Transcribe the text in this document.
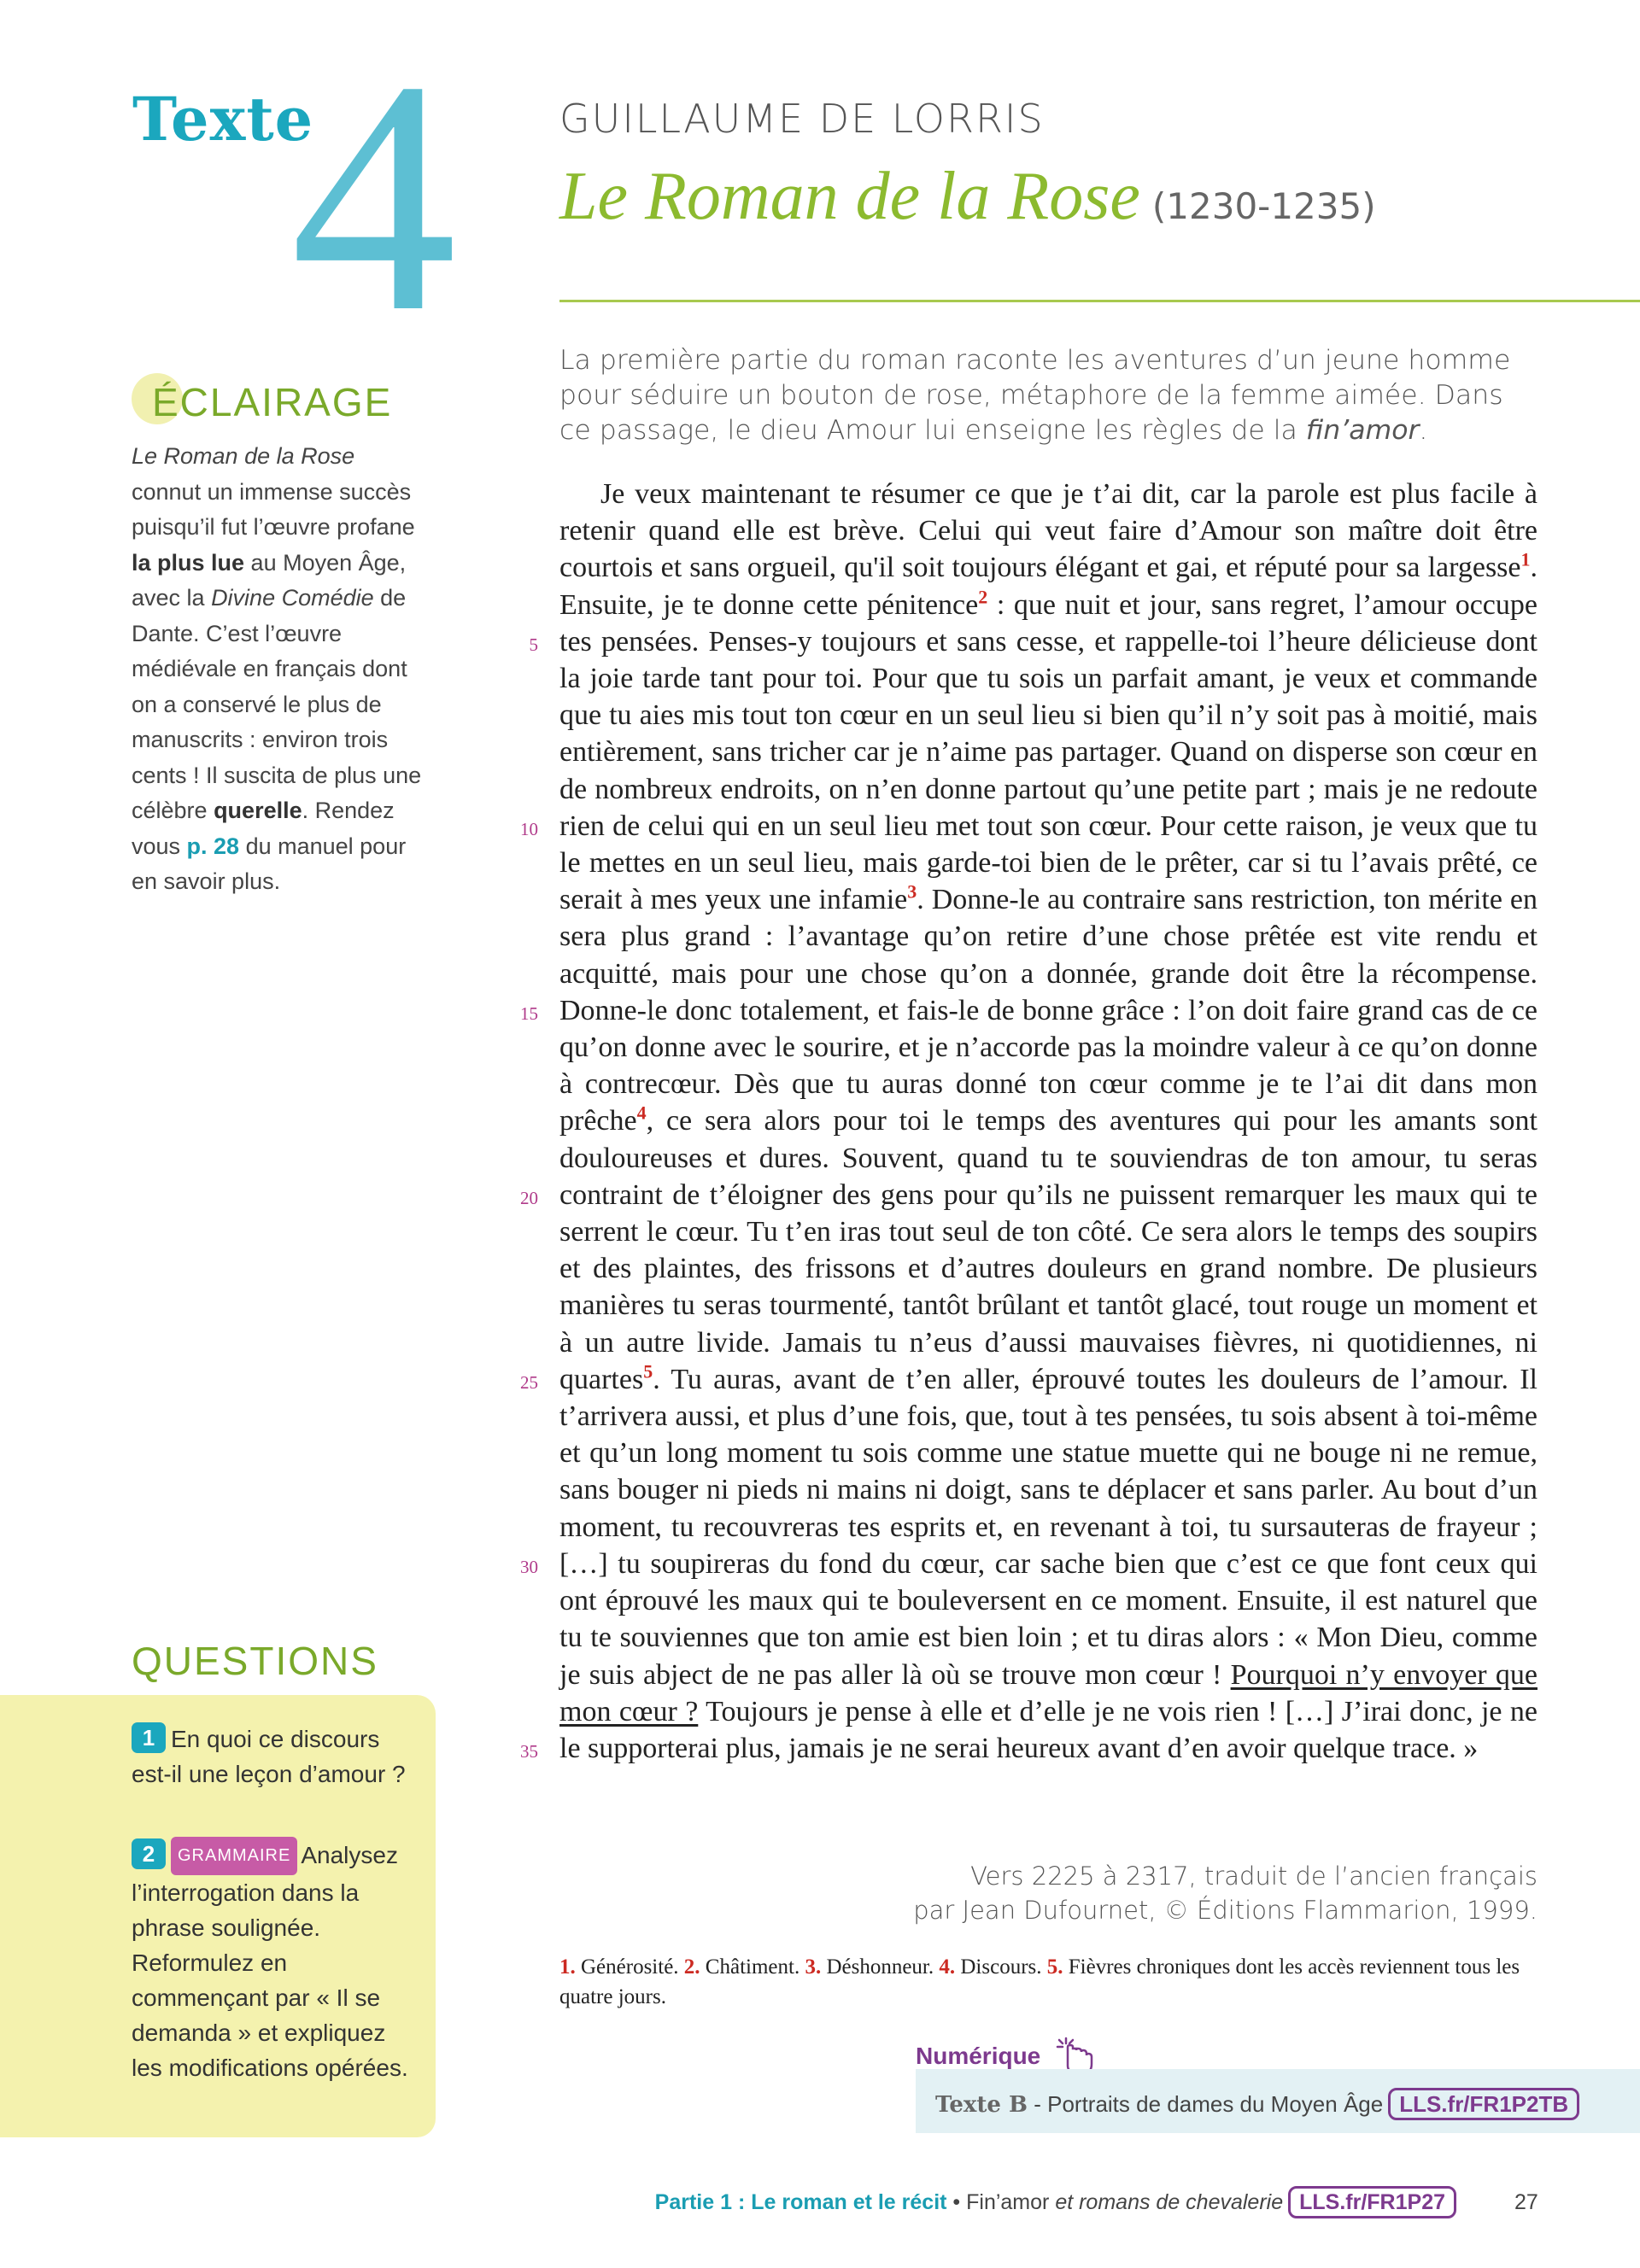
Texte
4	GUILLAUME DE LORRIS
Le Roman de la Rose (1230-1235)
ÉCLAIRAGE
Le Roman de la Rose connut un immense succès puisqu’il fut l’œuvre profane la plus lue au Moyen Âge, avec la Divine Comédie de Dante. C’est l’œuvre médiévale en français dont on a conservé le plus de manuscrits : environ trois cents ! Il suscita de plus une célèbre querelle. Rendez vous p. 28 du manuel pour en savoir plus.
QUESTIONS
1 En quoi ce discours est-il une leçon d’amour ?
2 GRAMMAIRE Analysez l’interrogation dans la phrase soulignée. Reformulez en commençant par « Il se demanda » et expliquez les modifications opérées.
La première partie du roman raconte les aventures d’un jeune homme pour séduire un bouton de rose, métaphore de la femme aimée. Dans ce passage, le dieu Amour lui enseigne les règles de la fin’amor.
Je veux maintenant te résumer ce que je t’ai dit, car la parole est plus facile à retenir quand elle est brève. Celui qui veut faire d’Amour son maître doit être courtois et sans orgueil, qu'il soit toujours élégant et gai, et réputé pour sa largesse$^1$. Ensuite, je te donne cette pénitence$^2$ : que nuit et jour, sans regret, l’amour occupe tes pensées. Penses-y toujours et sans cesse, et rappelle-toi l’heure délicieuse dont la joie tarde tant pour toi. Pour que tu sois un parfait amant, je veux et commande que tu aies mis tout ton cœur en un seul lieu si bien qu’il n’y soit pas à moitié, mais entièrement, sans tricher car je n’aime pas partager. Quand on disperse son cœur en de nombreux endroits, on n’en donne partout qu’une petite part ; mais je ne redoute rien de celui qui en un seul lieu met tout son cœur. Pour cette raison, je veux que tu le mettes en un seul lieu, mais garde-toi bien de le prêter, car si tu l’avais prêté, ce serait à mes yeux une infamie$^3$. Donne-le au contraire sans restriction, ton mérite en sera plus grand : l’avantage qu’on retire d’une chose prêtée est vite rendu et acquitté, mais pour une chose qu’on a donnée, grande doit être la récompense. Donne-le donc totalement, et fais-le de bonne grâce : l’on doit faire grand cas de ce qu’on donne avec le sourire, et je n’accorde pas la moindre valeur à ce qu’on donne à contrecœur. Dès que tu auras donné ton cœur comme je te l’ai dit dans mon prêche$^4$, ce sera alors pour toi le temps des aventures qui pour les amants sont douloureuses et dures. Souvent, quand tu te souviendras de ton amour, tu seras contraint de t’éloigner des gens pour qu’ils ne puissent remarquer les maux qui te serrent le cœur. Tu t’en iras tout seul de ton côté. Ce sera alors le temps des soupirs et des plaintes, des frissons et d’autres douleurs en grand nombre. De plusieurs manières tu seras tourmenté, tantôt brûlant et tantôt glacé, tout rouge un moment et à un autre livide. Jamais tu n’eus d’aussi mauvaises fièvres, ni quotidiennes, ni quartes$^5$. Tu auras, avant de t’en aller, éprouvé toutes les douleurs de l’amour. Il t’arrivera aussi, et plus d’une fois, que, tout à tes pensées, tu sois absent à toi-même et qu’un long moment tu sois comme une statue muette qui ne bouge ni ne remue, sans bouger ni pieds ni mains ni doigt, sans te déplacer et sans parler. Au bout d’un moment, tu recouvreras tes esprits et, en revenant à toi, tu sursauteras de frayeur ; […] tu soupireras du fond du cœur, car sache bien que c’est ce que font ceux qui ont éprouvé les maux qui te bouleversent en ce moment. Ensuite, il est naturel que tu te souviennes que ton amie est bien loin ; et tu diras alors : « Mon Dieu, comme je suis abject de ne pas aller là où se trouve mon cœur ! Pourquoi n’y envoyer que mon cœur ? Toujours je pense à elle et d’elle je ne vois rien ! […] J’irai donc, je ne le supporterai plus, jamais je ne serai heureux avant d’en avoir quelque trace. »
5
10
15
20
25
30
35
Vers 2225 à 2317, traduit de l’ancien français
par Jean Dufournet, © Éditions Flammarion, 1999.
1. Générosité. 2. Châtiment. 3. Déshonneur. 4. Discours. 5. Fièvres chroniques dont les accès reviennent tous les quatre jours.
Numérique
Texte B - Portraits de dames du Moyen Âge LLS.fr/FR1P2TB
Partie 1 : Le roman et le récit • Fin’amor et romans de chevalerie LLS.fr/FR1P27	27
